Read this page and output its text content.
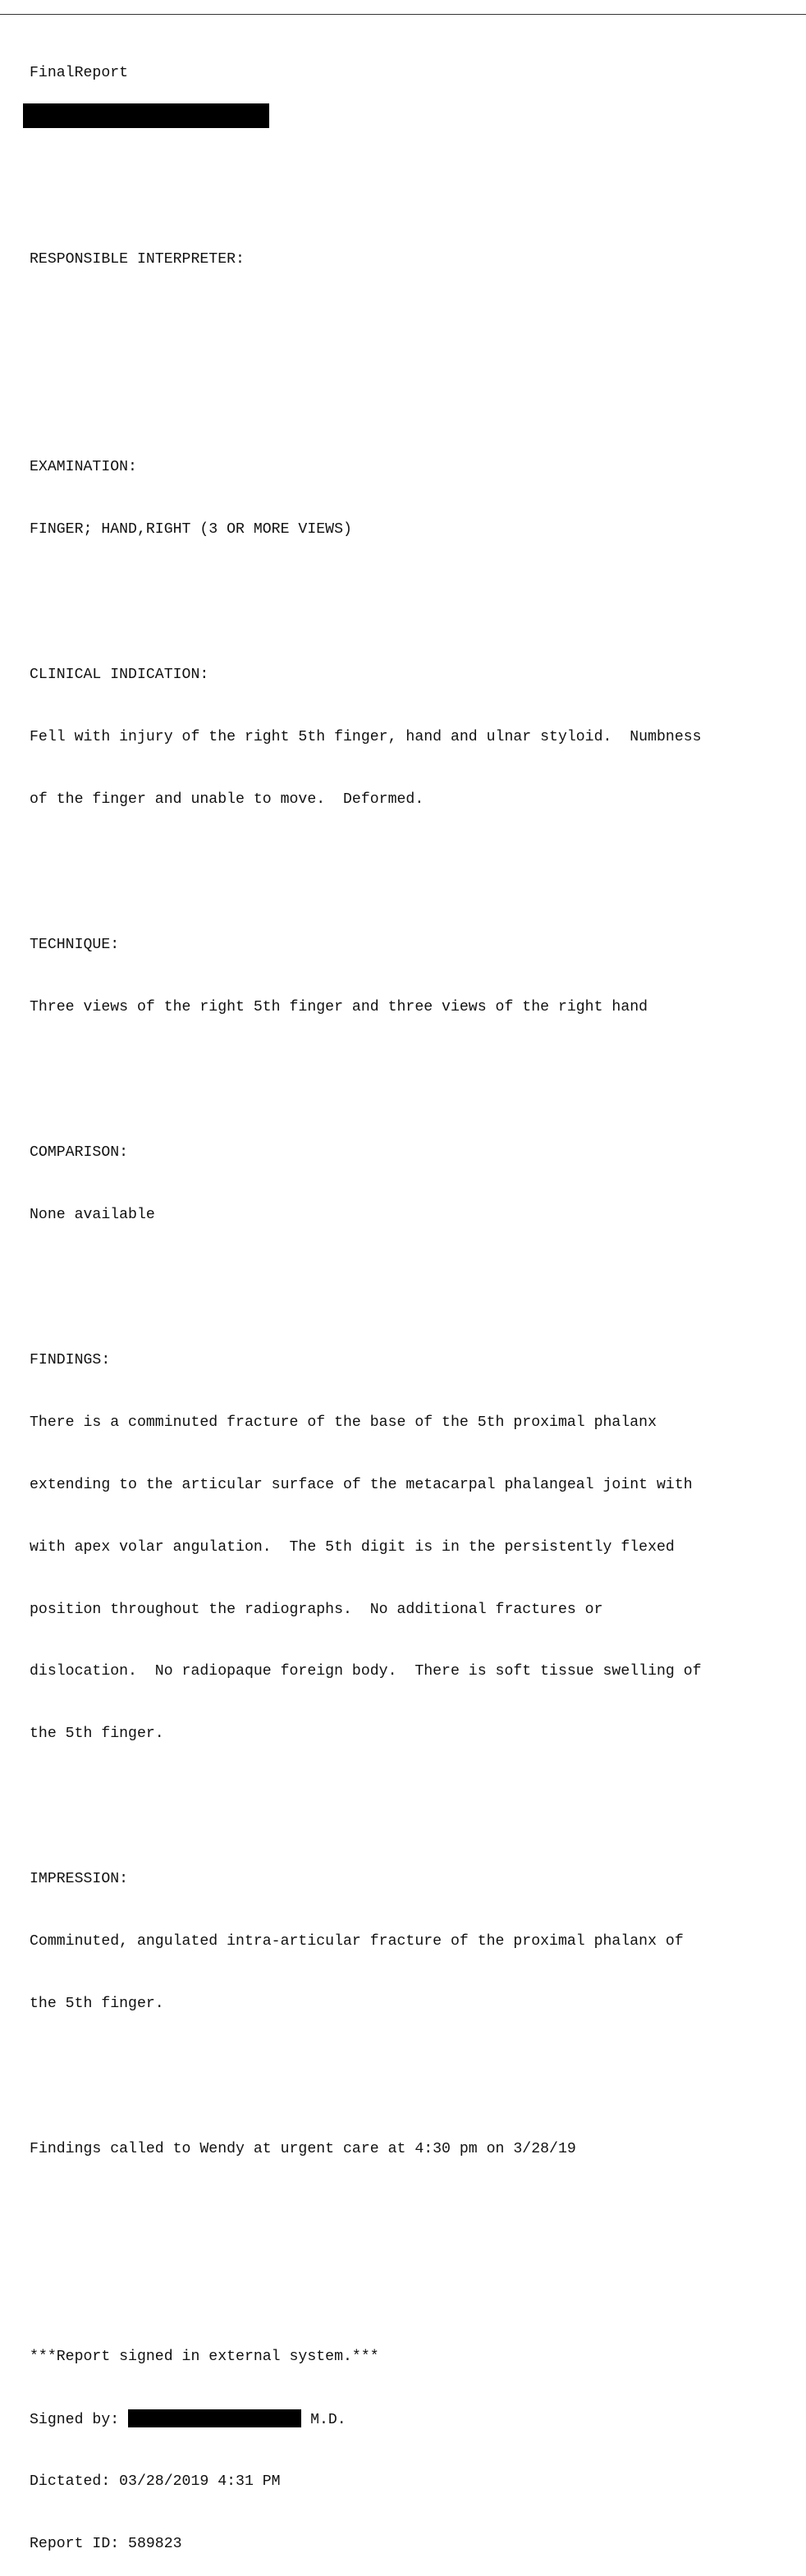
FinalReport

RESPONSIBLE INTERPRETER:

EXAMINATION:

FINGER; HAND,RIGHT (3 OR MORE VIEWS)

CLINICAL INDICATION:

Fell with injury of the right 5th finger, hand and ulnar styloid.  Numbness

of the finger and unable to move.  Deformed.

TECHNIQUE:

Three views of the right 5th finger and three views of the right hand

COMPARISON:

None available

FINDINGS:

There is a comminuted fracture of the base of the 5th proximal phalanx

extending to the articular surface of the metacarpal phalangeal joint with

with apex volar angulation.  The 5th digit is in the persistently flexed

position throughout the radiographs.  No additional fractures or

dislocation.  No radiopaque foreign body.  There is soft tissue swelling of

the 5th finger.

IMPRESSION:

Comminuted, angulated intra-articular fracture of the proximal phalanx of

the 5th finger.

Findings called to Wendy at urgent care at 4:30 pm on 3/28/19

***Report signed in external system.***

Signed by:	M.D.

Dictated: 03/28/2019 4:31 PM

Report ID: 589823
